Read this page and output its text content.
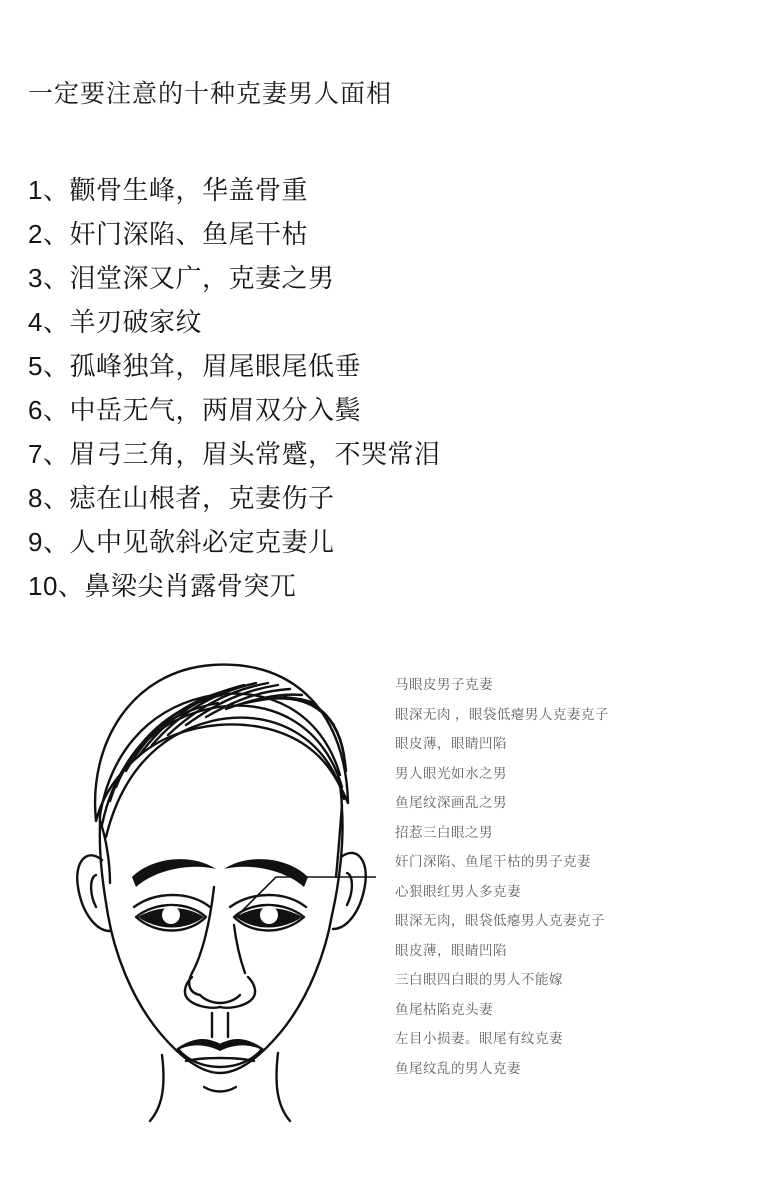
一定要注意的十种克妻男人面相
1、颧骨生峰，华盖骨重
2、奸门深陷、鱼尾干枯
3、泪堂深又广，克妻之男
4、羊刃破家纹
5、孤峰独耸，眉尾眼尾低垂
6、中岳无气，两眉双分入鬓
7、眉弓三角，眉头常蹙，不哭常泪
8、痣在山根者，克妻伤子
9、人中见欹斜必定克妻儿
10、鼻梁尖肖露骨突兀
马眼皮男子克妻
眼深无肉 ，眼袋低瘪男人克妻克子
眼皮薄，眼睛凹陷
男人眼光如水之男
鱼尾纹深画乱之男
招惹三白眼之男
奸门深陷、鱼尾干枯的男子克妻
心狠眼红男人多克妻
眼深无肉，眼袋低瘪男人克妻克子
眼皮薄，眼睛凹陷
三白眼四白眼的男人不能嫁
鱼尾枯陷克头妻
左目小损妻。眼尾有纹克妻
鱼尾纹乱的男人克妻
